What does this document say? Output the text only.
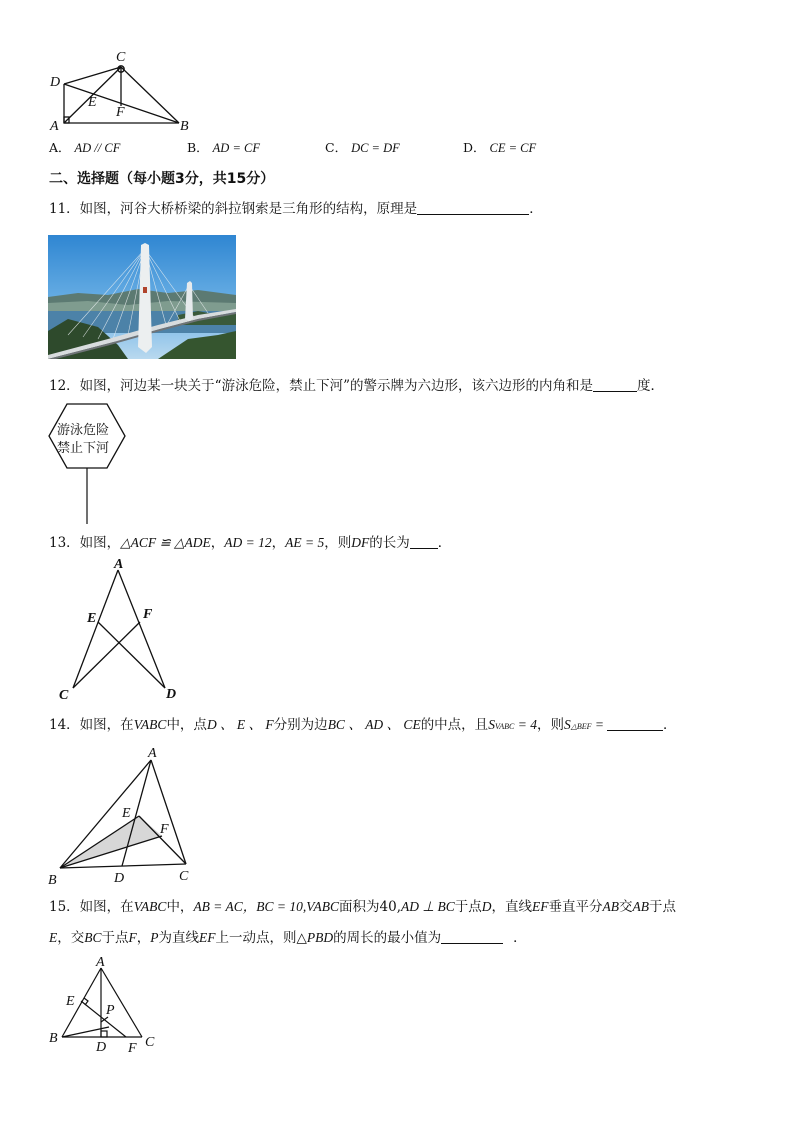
C
D
E
F
A	B
A． AD // CF	B． AD = CF	C． DC = DF	D． CE = CF
二、选择题（每小题3分，共15分）
11．如图，河谷大桥桥梁的斜拉钢索是三角形的结构，原理是	．
12．如图，河边某一块关于“游泳危险，禁止下河”的警示牌为六边形，该六边形的内角和是	度．
游泳危险
禁止下河
13．如图，△ACF ≌ △ADE，AD = 12，AE = 5，则DF的长为 ．
A
E	F
C	D
14．如图，在VABC中，点D 、 E 、 F分别为边BC 、 AD 、 CE的中点，且SVABC = 4，则S△BEF =	．
A
E
F
B	D	C
15．如图，在VABC中，AB = AC，BC = 10,VABC面积为40,AD ⊥ BC于点D，直线EF垂直平分AB交AB于点
E，交BC于点F，P为直线EF上一动点，则△PBD的周长的最小值为	．
A
E
P
B
D F C
